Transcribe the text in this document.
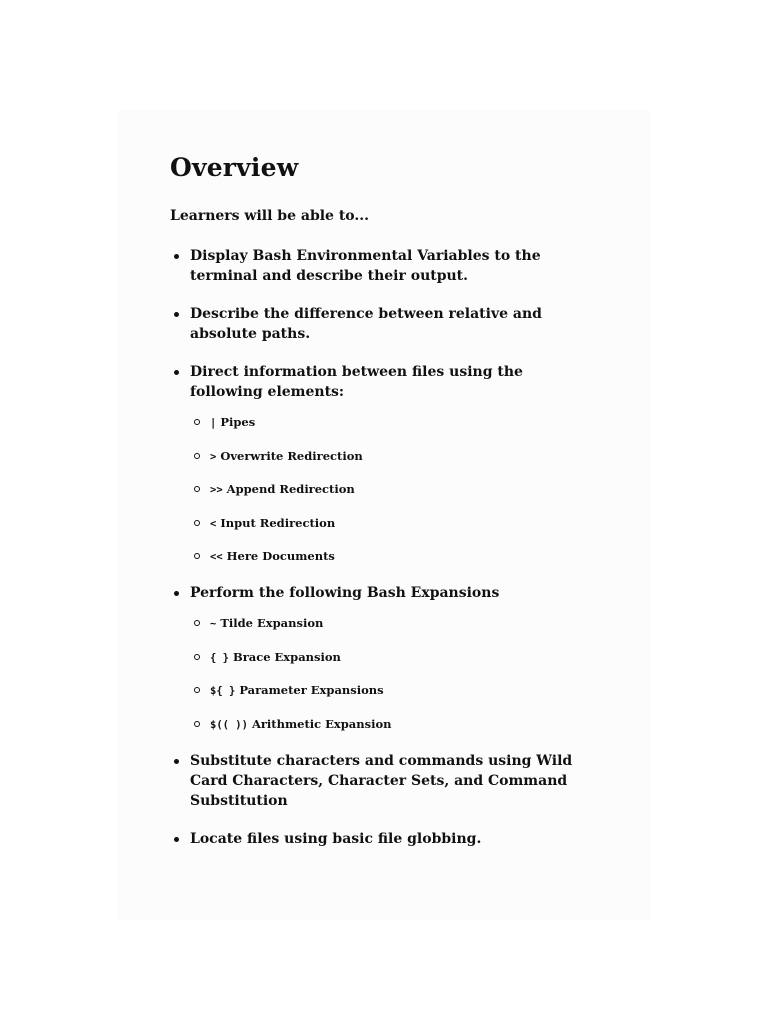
Overview

Learners will be able to...

Display Bash Environmental Variables to the terminal and describe their output.
Describe the difference between relative and absolute paths.
Direct information between files using the following elements:
| Pipes
> Overwrite Redirection
>> Append Redirection
< Input Redirection
<< Here Documents
Perform the following Bash Expansions
~ Tilde Expansion
{ } Brace Expansion
${ } Parameter Expansions
$(( )) Arithmetic Expansion
Substitute characters and commands using Wild Card Characters, Character Sets, and Command Substitution
Locate files using basic file globbing.
